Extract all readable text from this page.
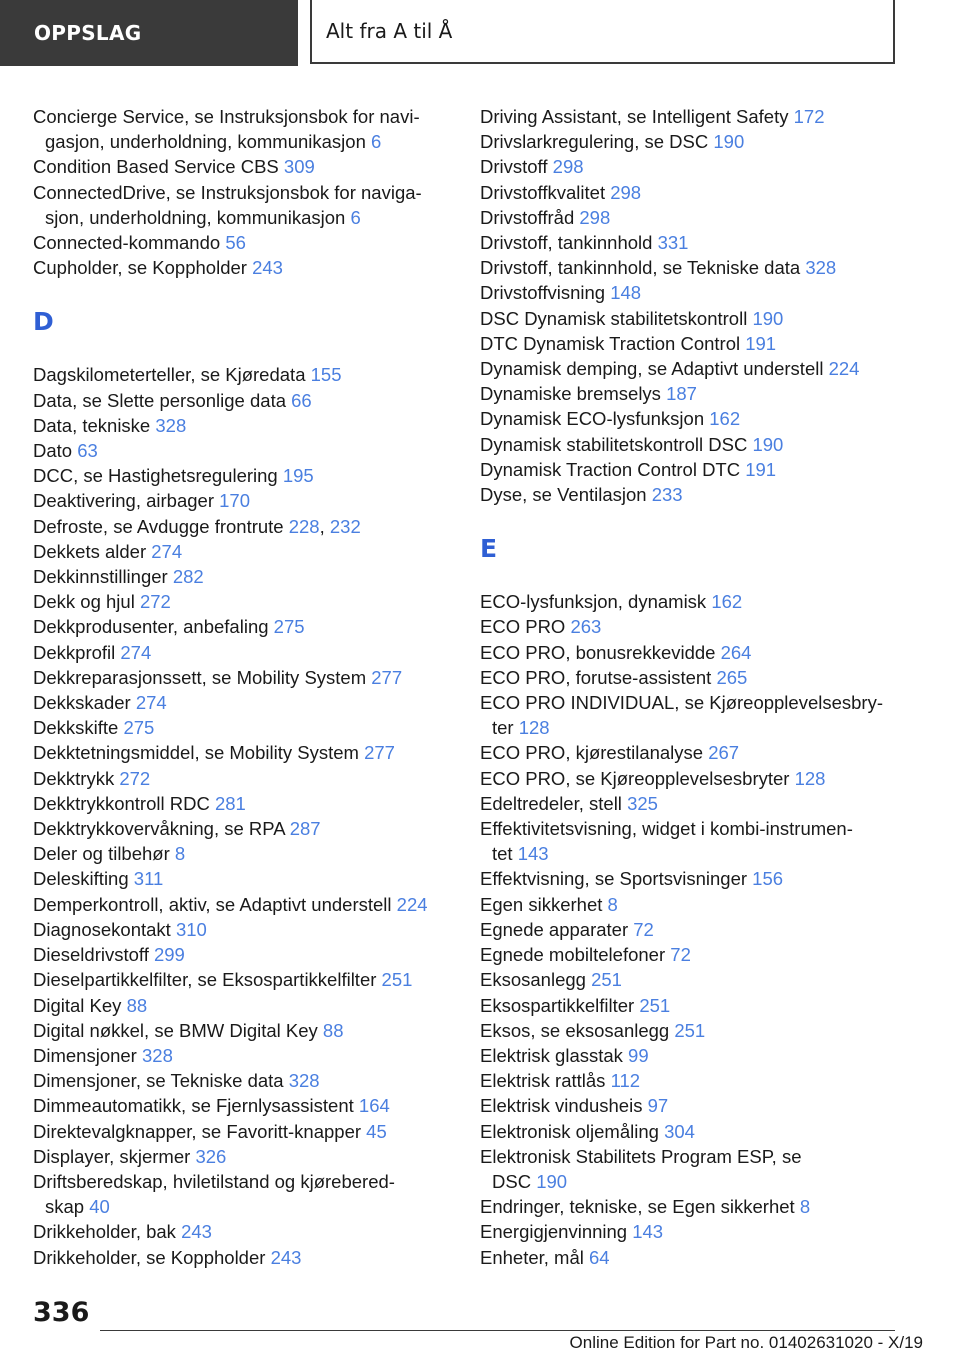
OPPSLAG	Alt fra A til Å
Concierge Service, se Instruksjonsbok for navi-
gasjon, underholdning, kommunikasjon 6
Condition Based Service CBS 309
ConnectedDrive, se Instruksjonsbok for naviga-
sjon, underholdning, kommunikasjon 6
Connected-kommando 56
Cupholder, se Koppholder 243
D
Dagskilometerteller, se Kjøredata 155
Data, se Slette personlige data 66
Data, tekniske 328
Dato 63
DCC, se Hastighetsregulering 195
Deaktivering, airbager 170
Defroste, se Avdugge frontrute 228, 232
Dekkets alder 274
Dekkinnstillinger 282
Dekk og hjul 272
Dekkprodusenter, anbefaling 275
Dekkprofil 274
Dekkreparasjonssett, se Mobility System 277
Dekkskader 274
Dekkskifte 275
Dekktetningsmiddel, se Mobility System 277
Dekktrykk 272
Dekktrykkontroll RDC 281
Dekktrykkovervåkning, se RPA 287
Deler og tilbehør 8
Deleskifting 311
Demperkontroll, aktiv, se Adaptivt understell 224
Diagnosekontakt 310
Dieseldrivstoff 299
Dieselpartikkelfilter, se Eksospartikkelfilter 251
Digital Key 88
Digital nøkkel, se BMW Digital Key 88
Dimensjoner 328
Dimensjoner, se Tekniske data 328
Dimmeautomatikk, se Fjernlysassistent 164
Direktevalgknapper, se Favoritt-knapper 45
Displayer, skjermer 326
Driftsberedskap, hviletilstand og kjørebered-
skap 40
Drikkeholder, bak 243
Drikkeholder, se Koppholder 243
Driving Assistant, se Intelligent Safety 172
Drivslarkregulering, se DSC 190
Drivstoff 298
Drivstoffkvalitet 298
Drivstoffråd 298
Drivstoff, tankinnhold 331
Drivstoff, tankinnhold, se Tekniske data 328
Drivstoffvisning 148
DSC Dynamisk stabilitetskontroll 190
DTC Dynamisk Traction Control 191
Dynamisk demping, se Adaptivt understell 224
Dynamiske bremselys 187
Dynamisk ECO-lysfunksjon 162
Dynamisk stabilitetskontroll DSC 190
Dynamisk Traction Control DTC 191
Dyse, se Ventilasjon 233
E
ECO-lysfunksjon, dynamisk 162
ECO PRO 263
ECO PRO, bonusrekkevidde 264
ECO PRO, forutse-assistent 265
ECO PRO INDIVIDUAL, se Kjøreopplevelsesbry-
ter 128
ECO PRO, kjørestilanalyse 267
ECO PRO, se Kjøreopplevelsesbryter 128
Edeltredeler, stell 325
Effektivitetsvisning, widget i kombi-instrumen-
tet 143
Effektvisning, se Sportsvisninger 156
Egen sikkerhet 8
Egnede apparater 72
Egnede mobiltelefoner 72
Eksosanlegg 251
Eksospartikkelfilter 251
Eksos, se eksosanlegg 251
Elektrisk glasstak 99
Elektrisk rattlås 112
Elektrisk vindusheis 97
Elektronisk oljemåling 304
Elektronisk Stabilitets Program ESP, se
DSC 190
Endringer, tekniske, se Egen sikkerhet 8
Energigjenvinning 143
Enheter, mål 64
336
Online Edition for Part no. 01402631020 - X/19
